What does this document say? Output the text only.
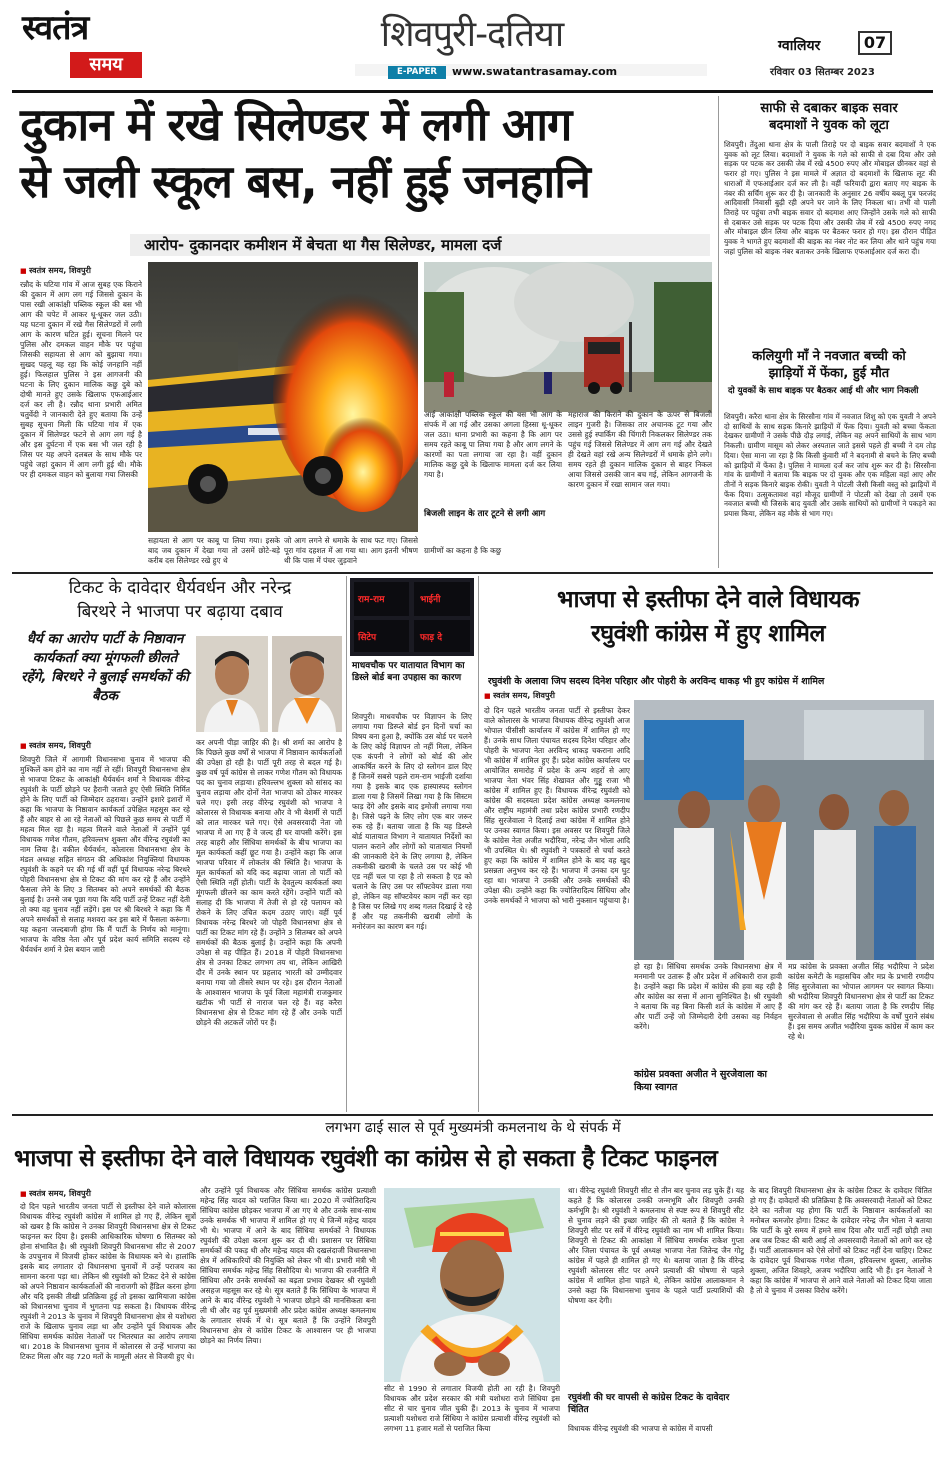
स्वतंत्र
समय
शिवपुरी-दतिया
E-PAPER	www.swatantrasamay.com
ग्वालियर	07
रविवार 03 सितम्बर 2023
दुकान में रखे सिलेण्डर में लगी आग
से जली स्कूल बस, नहीं हुई जनहानि
आरोप- दुकानदार कमीशन में बेचता था गैस सिलेण्डर, मामला दर्ज
■ स्वतंत्र समय, शिवपुरी
रन्नौद के घटिया गांव में आज सुबह एक किराने की दुकान में आग लग गई जिससे दुकान के पास रखी आकांक्षी पब्लिक स्कूल की बस भी आग की चपेट में आकर धू-धूकर जल उठी। यह घटना दुकान में रखे गैस सिलेण्डरों में लगी आग के कारण घटित हुई। सूचना मिलने पर पुलिस और दमकल वाहन मौके पर पहुंचा जिसकी सहायता से आग को बुझाया गया। सुखद पहलू यह रहा कि कोई जनहानि नहीं हुई। फिलहाल पुलिस ने इस आगजनी की घटना के लिए दुकान मालिक कछु दुबे को दोषी मानते हुए उसके खिलाफ एफआईआर दर्ज कर ली है। रन्नौद थाना प्रभारी अमित चतुर्वेदी ने जानकारी देते हुए बताया कि उन्हें सुबह सूचना मिली कि घटिया गांव में एक दुकान में सिलेण्डर फटने से आग लग गई है और इस दुर्घटना में एक बस भी जल रही है जिस पर यह अपने दलबल के साथ मौके पर पहुंचे जहां दुकान में आग लगी हुई थी। मौके पर ही दमकल वाहन को बुलाया गया जिसकी
सहायता से आग पर काबू पा लिया गया। इसके बाद जब दुकान में देखा गया तो उसमें छोटे-बड़े करीब दस सिलेण्डर रखे हुए थे
जो आग लगने से धमाके के साथ फट गए। जिससे पूरा गांव दहशत में आ गया था। आग इतनी भीषण थी कि पास में पंचर जुड़वाने
आई आकांक्षी पब्लिक स्कूल की बस भी आग के संपर्क में आ गई और उसका अगला हिस्सा धू-धूकर जल उठा। थाना प्रभारी का कहना है कि आग पर समय रहते काबू पा लिया गया है और आग लगने के कारणों का पता लगाया जा रहा है। वहीं दुकान मालिक कछु दुबे के खिलाफ मामला दर्ज कर लिया गया है।
बिजली लाइन के तार टूटने से लगी आग
ग्रामीणों का कहना है कि कछु
महाराज की किराने की दुकान के ऊपर से बिजली लाइन गुजरी है। जिसका तार अचानक टूट गया और उससे हुई स्पार्किंग की चिंगारी निकलकर सिलेण्डर तक पहुंच गई जिससे सिलेण्डर में आग लग गई और देखते ही देखते वहां रखे अन्य सिलेण्डरों में धमाके होने लगे। समय रहते ही दुकान मालिक दुकान से बाहर निकल आया जिससे उसकी जान बच गई, लेकिन आगजनी के कारण दुकान में रखा सामान जल गया।
साफी से दबाकर बाइक सवार
बदमाशों ने युवक को लूटा
शिवपुरी। तेंदुआ थाना क्षेत्र के पाली तिराहे पर दो बाइक सवार बदमाशों ने एक युवक को लूट लिया। बदमाशों ने युवक के गले को साफी से दबा दिया और उसे सड़क पर पटक कर उसकी जेब में रखे 4500 रुपए और मोबाइल छीनकर वहां से फरार हो गए। पुलिस ने इस मामले में अज्ञात दो बदमाशों के खिलाफ लूट की धाराओं में एफआईआर दर्ज कर ली है। वहीं फरियादी द्वारा बताए गए बाइक के नंबर की सर्चिंग शुरू कर दी है। जानकारी के अनुसार 26 वर्षीय बबलू पुत्र फरजंद आदिवासी निवासी बुढ़ी रही अपने घर जाने के लिए निकला था। तभी वो पाली तिराहे पर पहुंचा तभी बाइक सवार दो बदमाश आए जिन्होंने उसके गले को साफी से दबाकर उसे सड़क पर पटक दिया और उसकी जेब में रखे 4500 रुपए नगद और मोबाइल छीन लिया और बाइक पर बैठकर फरार हो गए। इस दौरान पीड़ित युवक ने भागते हुए बदमाशों की बाइक का नंबर नोट कर लिया और थाने पहुंच गया जहां पुलिस को बाइक नंबर बताकर उनके खिलाफ एफआईआर दर्ज करा दी।
कलियुगी माँ ने नवजात बच्ची को
झाड़ियों में फेंका, हुई मौत
दो युवकों के साथ बाइक पर बैठकर आई थी और भाग निकली
शिवपुरी। करैरा थाना क्षेत्र के सिरसौना गांव में नवजात शिशु को एक युवती ने अपने दो साथियों के साथ सड़क किनारे झाड़ियों में फेंक दिया। युवती को बच्चा फेंकता देखकर ग्रामीणों ने उसके पीछे दौड़ लगाई, लेकिन वह अपने साथियों के साथ भाग निकली। ग्रामीण मासूम को लेकर अस्पताल जाते इससे पहले ही बच्ची ने दम तोड़ दिया। ऐसा माना जा रहा है कि किसी कुंवारी माँ ने बदनामी से बचने के लिए बच्ची को झाड़ियों में फेंका है। पुलिस ने मामला दर्ज कर जांच शुरू कर दी है। सिरसौना गांव के ग्रामीणों ने बताया कि बाइक पर दो युवक और एक महिला वहां आए और तीनों ने सड़क किनारे बाइक रोकी। युवती ने पोटली जैसी किसी वस्तु को झाड़ियों में फेंक दिया। उत्सुकतावश वहां मौजूद ग्रामीणों ने पोटली को देखा तो उसमें एक नवजात बच्ची थी जिसके बाद युवती और उसके साथियों को ग्रामीणों ने पकड़ने का प्रयास किया, लेकिन वह मौके से भाग गए।
टिकट के दावेदार धैर्यवर्धन और नरेन्द्र
बिरथरे ने भाजपा पर बढ़ाया दबाव
धैर्य का आरोप पार्टी के निष्ठावान कार्यकर्ता क्या मूंगफली छीलते रहेंगे, बिरथरे ने बुलाई समर्थकों की बैठक
■ स्वतंत्र समय, शिवपुरी
शिवपुरी जिले में आगामी विधानसभा चुनाव में भाजपा की मुश्किलें कम होने का नाम नहीं ले रहीं। शिवपुरी विधानसभा क्षेत्र से भाजपा टिकट के आकांक्षी धैर्यवर्धन शर्मा ने विधायक वीरेन्द्र रघुवंशी के पार्टी छोड़ने पर हैरानी जताते हुए ऐसी स्थिति निर्मित होने के लिए पार्टी को जिम्मेदार ठहराया। उन्होंने इशारे इशारों में कहा कि भाजपा के निष्ठावान कार्यकर्ता उपेक्षित महसूस कर रहे हैं और बाहर से आ रहे नेताओं को पिछले कुछ समय से पार्टी में महत्व मिल रहा है। महत्व मिलने वाले नेताओं में उन्होंने पूर्व विधायक गणेश गौतम, हरिवल्लभ शुक्ला और वीरेन्द्र रघुवंशी का नाम लिया है। वकील धैर्यवर्धन, कोलारस विधानसभा क्षेत्र के मंडल अध्यक्ष सहित संगठन की अधिकांश नियुक्तियां विधायक रघुवंशी के कहने पर की गई थीं वहीं पूर्व विधायक नरेन्द्र बिरथरे पोहरी विधानसभा क्षेत्र से टिकट की मांग कर रहे हैं और उन्होंने फैसला लेने के लिए 3 सितम्बर को अपने समर्थकों की बैठक बुलाई है। उनसे जब पूछा गया कि यदि पार्टी उन्हें टिकट नहीं देती तो क्या वह चुनाव नहीं लड़ेंगे। इस पर श्री बिरथरे ने कहा कि मैं अपने समर्थकों से सलाह मशवरा कर इस बारे में फैसला करूंगा। यह कहना जल्दबाजी होगा कि मैं पार्टी के निर्णय को मानूंगा। भाजपा के वरिष्ठ नेता और पूर्व प्रदेश कार्य समिति सदस्य रहे धैर्यवर्धन शर्मा ने प्रेस बयान जारी
कर अपनी पीड़ा जाहिर की है। श्री शर्मा का आरोप है कि पिछले कुछ वर्षों से भाजपा में निष्ठावान कार्यकर्ताओं की उपेक्षा हो रही है। पार्टी पूरी तरह से बदल गई है। कुछ वर्ष पूर्व कांग्रेस से लाकर गणेश गौतम को विधायक पद का चुनाव लड़ाया। हरिवल्लभ शुक्ला को सांसद का चुनाव लड़ाया और दोनों नेता भाजपा को ठोकर मारकर चले गए। इसी तरह वीरेन्द्र रघुवंशी को भाजपा ने कोलारस से विधायक बनाया और वे भी बेशर्मी से पार्टी को लात मारकर चले गए। ऐसे अवसरवादी नेता जो भाजपा में आ गए हैं वे जल्द ही घर वापसी करेंगे। इस तरह बाहरी और सिंधिया समर्थकों के बीच भाजपा का मूल कार्यकर्ता कहीं छूट गया है। उन्होंने कहा कि आज भाजपा परिवार में लोकतंत्र की स्थिति है। भाजपा के मूल कार्यकर्ता को यदि कद बढ़ाया जाता तो पार्टी को ऐसी स्थिति नहीं होती। पार्टी के देवतुल्य कार्यकर्ता क्या मूंगफली छीलने का काम करते रहेंगे। उन्होंने पार्टी को सलाह दी कि भाजपा में तेजी से हो रहे पलायन को रोकने के लिए उचित कदम उठाए जाएं। वहीं पूर्व विधायक नरेन्द्र बिरथरे जो पोहरी विधानसभा क्षेत्र से पार्टी का टिकट मांग रहे हैं। उन्होंने 3 सितम्बर को अपने समर्थकों की बैठक बुलाई है। उन्होंने कहा कि अपनी उपेक्षा से वह पीड़ित हैं। 2018 में पोहरी विधानसभा क्षेत्र से उनका टिकट लगभग तय था, लेकिन आखिरी दौर में उनके स्थान पर प्रहलाद भारती को उम्मीदवार बनाया गया जो तीसरे स्थान पर रहे। इस दौरान नेताओं के आश्वासन भाजपा के पूर्व जिला महामंत्री राजकुमार खटीक भी पार्टी से नाराज चल रहे हैं। वह करैरा विधानसभा क्षेत्र से टिकट मांग रहे हैं और उनके पार्टी छोड़ने की अटकलें जोरों पर हैं।
राम-राम	भाईनी
सिटेप	फाड़ दे
माधवचौक पर यातायात विभाग का डिस्ले बोर्ड बना उपहास का कारण
शिवपुरी। माधवचौक पर विज्ञापन के लिए लगाया गया डिस्प्ले बोर्ड इन दिनों चर्चा का विषय बना हुआ है, क्योंकि उस बोर्ड पर चलने के लिए कोई विज्ञापन तो नहीं मिला, लेकिन एक कंपनी ने लोगों को बोर्ड की ओर आकर्षित करने के लिए दो स्लोगन डाल दिए हैं जिनमें सबसे पहले राम-राम भाईजी दर्शाया गया है इसके बाद एक हास्यास्पद स्लोगन डाला गया है जिसमें लिखा गया है कि सिस्टम फाड़ देंगे और इसके बाद इमोजी लगाया गया है। जिसे पढ़ने के लिए लोग एक बार जरूर रुक रहे हैं। बताया जाता है कि यह डिस्प्ले बोर्ड यातायात विभाग ने यातायात निर्देशों का पालन कराने और लोगों को यातायात नियमों की जानकारी देने के लिए लगाया है, लेकिन तकनीकी खराबी के चलते उस पर कोई भी एड नहीं चल पा रहा है तो सकता है एड को चलाने के लिए उस पर सॉफ्टवेयर डाला गया हो, लेकिन वह सॉफ्टवेयर काम नहीं कर रहा है जिस पर लिखे गए शब्द गलत दिखाई दे रहे हैं और यह तकनीकी खराबी लोगों के मनोरंजन का कारण बन गई।
भाजपा से इस्तीफा देने वाले विधायक
रघुवंशी कांग्रेस में हुए शामिल
रघुवंशी के अलावा जिप सदस्य दिनेश परिहार और पोहरी के अरविन्द धाकड़ भी हुए कांग्रेस में शामिल
■ स्वतंत्र समय, शिवपुरी
दो दिन पहले भारतीय जनता पार्टी से इस्तीफा देकर वाले कोलारस के भाजपा विधायक वीरेन्द्र रघुवंशी आज भोपाल पीसीसी कार्यालय में कांग्रेस में शामिल हो गए हैं। उनके साथ जिला पंचायत सदस्य दिनेश परिहार और पोहरी के भाजपा नेता अरविन्द धाकड़ चकराना आदि भी कांग्रेस में शामिल हुए हैं। प्रदेश कांग्रेस कार्यालय पर आयोजित समारोह में प्रदेश के अन्य शहरों से आए भाजपा नेता भंवर सिंह शेखावत और गुड्डू राजा भी कांग्रेस में शामिल हुए हैं। विधायक वीरेन्द्र रघुवंशी को कांग्रेस की सदस्यता प्रदेश कांग्रेस अध्यक्ष कमलनाथ और राष्ट्रीय महामंत्री तथा प्रदेश कांग्रेस प्रभारी रणदीप सिंह सुरजेवाला ने दिलाई तथा कांग्रेस में शामिल होने पर उनका स्वागत किया। इस अवसर पर शिवपुरी जिले के कांग्रेस नेता अजीत भदौरिया, नरेन्द्र जैन भोला आदि भी उपस्थित थे। श्री रघुवंशी ने पत्रकारों से चर्चा करते हुए कहा कि कांग्रेस में शामिल होने के बाद वह खुद प्रसन्नता अनुभव कर रहे हैं। भाजपा में उनका दम घुट रहा था। भाजपा ने उनकी और उनके समर्थकों की उपेक्षा की। उन्होंने कहा कि ज्योतिरादित्य सिंधिया और उनके समर्थकों ने भाजपा को भारी नुकसान पहुंचाया है।
हो रहा है। सिंधिया समर्थक उनके विधानसभा क्षेत्र में मनमानी पर उतारू हैं और प्रदेश में अधिकारी राज हावी है। उन्होंने कहा कि प्रदेश में कांग्रेस की हवा बह रही है और कांग्रेस का सत्ता में आना सुनिश्चित है। श्री रघुवंशी ने बताया कि वह बिना किसी शर्त के कांग्रेस में आए हैं और पार्टी उन्हें जो जिम्मेदारी देगी उसका वह निर्वहन करेंगे।
कांग्रेस प्रवक्ता अजीत ने सुरजेवाला का किया स्वागत
मप्र कांग्रेस के प्रवक्ता अजीत सिंह भदौरिया ने प्रदेश कांग्रेस कमेटी के महासचिव और मप्र के प्रभारी रणदीप सिंह सुरजेवाला का भोपाल आगमन पर स्वागत किया। श्री भदौरिया शिवपुरी विधानसभा क्षेत्र से पार्टी का टिकट की मांग कर रहे हैं। बताया जाता है कि रणदीप सिंह सुरजेवाला से अजीत सिंह भदौरिया के वर्षों पुराने संबंध हैं। इस समय अजीत भदौरिया युवक कांग्रेस में काम कर रहे थे।
लगभग ढाई साल से पूर्व मुख्यमंत्री कमलनाथ के थे संपर्क में
भाजपा से इस्तीफा देने वाले विधायक रघुवंशी का कांग्रेस से हो सकता है टिकट फाइनल
■ स्वतंत्र समय, शिवपुरी
दो दिन पहले भारतीय जनता पार्टी से इस्तीफा देने वाले कोलारस विधायक वीरेन्द्र रघुवंशी कांग्रेस में शामिल हो गए हैं, लेकिन सूत्रों को खबर है कि कांग्रेस ने उनका शिवपुरी विधानसभा क्षेत्र से टिकट फाइनल कर दिया है। इसकी आधिकारिक घोषणा 6 सितम्बर को होना संभावित है। श्री रघुवंशी शिवपुरी विधानसभा सीट से 2007 के उपचुनाव में विजयी होकर कांग्रेस के विधायक बने थे। हालांकि इसके बाद लगातार दो विधानसभा चुनावों में उन्हें पराजय का सामना करना पड़ा था। लेकिन श्री रघुवंशी को टिकट देने से कांग्रेस को अपने निष्ठावान कार्यकर्ताओं की नाराजगी को हैंडिल करना होगा और यदि इसकी तीखी प्रतिक्रिया हुई तो इसका खामियाजा कांग्रेस को विधानसभा चुनाव में भुगतना पड़ सकता है। विधायक वीरेन्द्र रघुवंशी ने 2013 के चुनाव में शिवपुरी विधानसभा क्षेत्र से यशोधरा राजे के खिलाफ चुनाव लड़ा था और उन्होंने पूर्व विधायक और सिंधिया समर्थक कांग्रेस नेताओं पर भितरघात का आरोप लगाया था। 2018 के विधानसभा चुनाव में कोलारस से उन्हें भाजपा का टिकट मिला और वह 720 मतों के मामूली अंतर से विजयी हुए थे।
और उन्होंने पूर्व विधायक और सिंधिया समर्थक कांग्रेस प्रत्याशी महेन्द्र सिंह यादव को पराजित किया था। 2020 में ज्योतिरादित्य सिंधिया कांग्रेस छोड़कर भाजपा में आ गए थे और उनके साथ-साथ उनके समर्थक भी भाजपा में शामिल हो गए थे जिन्में महेन्द्र यादव भी थे। भाजपा में आने के बाद सिंधिया समर्थकों ने विधायक रघुवंशी की उपेक्षा करना शुरू कर दी थी। प्रशासन पर सिंधिया समर्थकों की पकड़ थी और महेन्द्र यादव की दखलंदाजी विधानसभा क्षेत्र में अधिकारियों की नियुक्ति को लेकर भी थी। प्रभारी मंत्री भी सिंधिया समर्थक महेन्द्र सिंह सिसौदिया थे। भाजपा की राजनीति में सिंधिया और उनके समर्थकों का बढ़ता प्रभाव देखकर श्री रघुवंशी असहज महसूस कर रहे थे। सूत्र बताते हैं कि सिंधिया के भाजपा में आने के बाद वीरेन्द्र रघुवंशी ने भाजपा छोड़ने की मानसिकता बना ली थी और वह पूर्व मुख्यमंत्री और प्रदेश कांग्रेस अध्यक्ष कमलनाथ के लगातार संपर्क में थे। सूत्र बताते हैं कि उन्होंने शिवपुरी विधानसभा क्षेत्र से कांग्रेस टिकट के आश्वासन पर ही भाजपा छोड़ने का निर्णय लिया।
सीट से 1990 से लगातार विजयी होती आ रही है। शिवपुरी विधायक और प्रदेश सरकार की मंत्री यशोधरा राजे सिंधिया इस सीट से चार चुनाव जीत चुकी हैं। 2013 के चुनाव में भाजपा प्रत्याशी यशोधरा राजे सिंधिया ने कांग्रेस प्रत्याशी वीरेन्द्र रघुवंशी को लगभग 11 हजार मतों से पराजित किया
था। वीरेन्द्र रघुवंशी शिवपुरी सीट से तीन बार चुनाव लड़ चुके हैं। यह कहते हैं कि कोलारस उनकी जन्मभूमि और शिवपुरी उनकी कर्मभूमि है। श्री रघुवंशी ने कमलनाथ से स्पष्ट रूप से शिवपुरी सीट से चुनाव लड़ने की इच्छा जाहिर की तो बताते हैं कि कांग्रेस ने शिवपुरी सीट पर सर्वे में वीरेन्द्र रघुवंशी का नाम भी शामिल किया। शिवपुरी से टिकट की आकांक्षा में सिंधिया समर्थक राकेश गुप्ता और जिला पंचायत के पूर्व अध्यक्ष भाजपा नेता जितेन्द्र जैन गोटू कांग्रेस में पहले ही शामिल हो गए थे। बताया जाता है कि वीरेन्द्र रघुवंशी कोलारस सीट पर अपने प्रत्याशी की घोषणा से पहले कांग्रेस में शामिल होना चाहते थे, लेकिन कांग्रेस आलाकमान ने उनसे कहा कि विधानसभा चुनाव के पहले पार्टी प्रत्याशियों की घोषणा कर देगी।
रघुवंशी की घर वापसी से कांग्रेस टिकट के दावेदार चिंतित
विधायक वीरेन्द्र रघुवंशी की भाजपा से कांग्रेस में वापसी
के बाद शिवपुरी विधानसभा क्षेत्र के कांग्रेस टिकट के दावेदार चिंतित हो गए हैं। दावेदारों की प्रतिक्रिया है कि अवसरवादी नेताओं को टिकट देने का नतीजा यह होगा कि पार्टी के निष्ठावान कार्यकर्ताओं का मनोबल कमजोर होगा। टिकट के दावेदार नरेन्द्र जैन भोला ने बताया कि पार्टी के बुरे समय में हमने साथ दिया और पार्टी नहीं छोड़ी तथा अब जब टिकट की बारी आई तो अवसरवादी नेताओं को आगे कर रहे हैं। पार्टी आलाकमान को ऐसे लोगों को टिकट नहीं देना चाहिए। टिकट के दावेदार पूर्व विधायक गणेश गौतम, हरिवल्लभ शुक्ला, आलोक शुक्ला, अजित शिवहरे, अजय भदौरिया आदि भी हैं। इन नेताओं ने कहा कि कांग्रेस में भाजपा से आने वाले नेताओं को टिकट दिया जाता है तो वे चुनाव में उसका विरोध करेंगे।
